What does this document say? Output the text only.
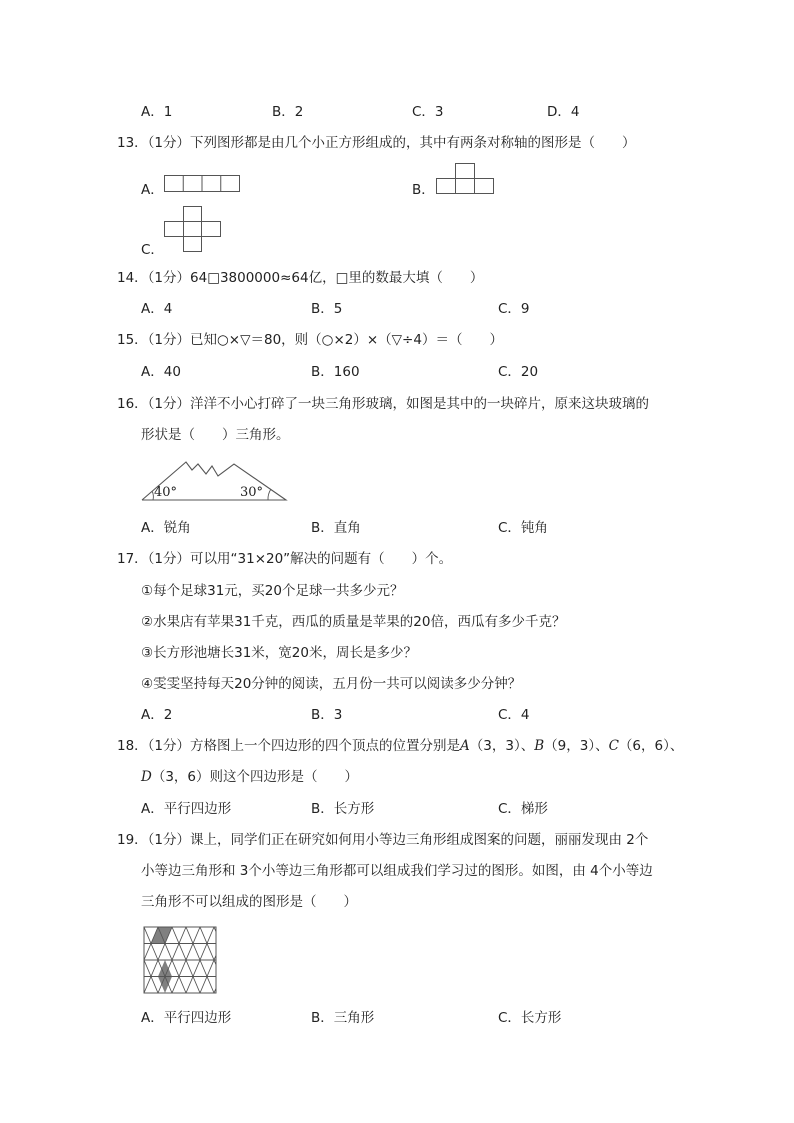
A．1	B．2	C．3	D．4
13．（1分）下列图形都是由几个小正方形组成的，其中有两条对称轴的图形是（　　）
A．	B．
C．
14．（1分）64□3800000≈64亿，□里的数最大填（　　）
A．4	B．5	C．9
15．（1分）已知○×▽＝80，则（○×2）×（▽÷4）＝（　　）
A．40	B．160	C．20
16．（1分）洋洋不小心打碎了一块三角形玻璃，如图是其中的一块碎片，原来这块玻璃的
形状是（　　）三角形。
40°	30°
A．锐角	B．直角	C．钝角
17．（1分）可以用“31×20”解决的问题有（　　）个。
①每个足球31元，买20个足球一共多少元？
②水果店有苹果31千克，西瓜的质量是苹果的20倍，西瓜有多少千克？
③长方形池塘长31米，宽20米，周长是多少？
④雯雯坚持每天20分钟的阅读，五月份一共可以阅读多少分钟？
A．2	B．3	C．4
18．（1分）方格图上一个四边形的四个顶点的位置分别是A（3，3）、B（9，3）、C（6，6）、
D（3，6）则这个四边形是（　　）
A．平行四边形	B．长方形	C．梯形
19．（1分）课上，同学们正在研究如何用小等边三角形组成图案的问题，丽丽发现由 2个
小等边三角形和 3个小等边三角形都可以组成我们学习过的图形。如图，由 4个小等边
三角形不可以组成的图形是（　　）
A．平行四边形	B．三角形	C．长方形
